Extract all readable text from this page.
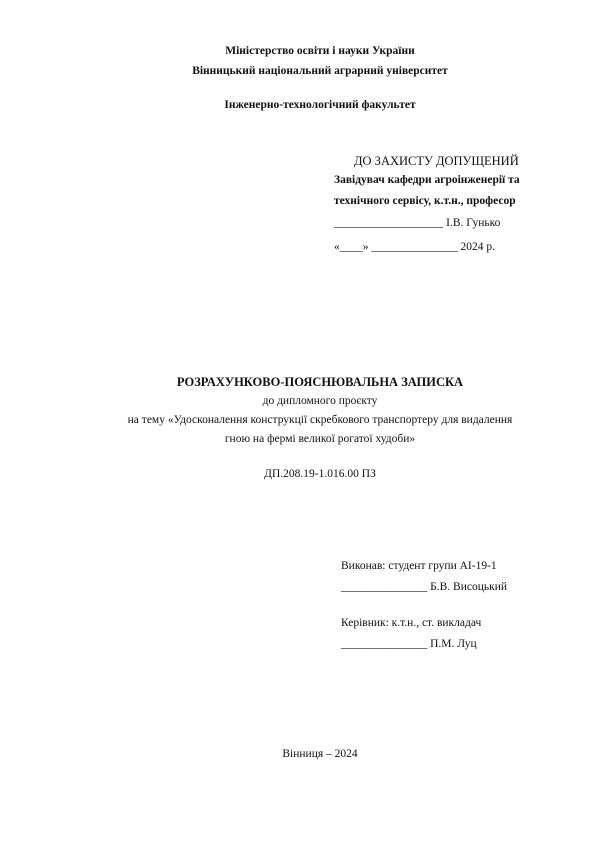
Міністерство освіти і науки України
Вінницький національний аграрний університет
Інженерно-технологічний факультет
ДО ЗАХИСТУ ДОПУЩЕНИЙ
Завідувач кафедри агроінженерії та
технічного сервісу, к.т.н., професор
___________________ І.В. Гунько
«____» _______________ 2024 р.
РОЗРАХУНКОВО-ПОЯСНЮВАЛЬНА ЗАПИСКА
до дипломного проєкту
на тему «Удосконалення конструкції скребкового транспортеру для видалення
гною на фермі великої рогатої худоби»
ДП.208.19-1.016.00 ПЗ
Виконав: студент групи АІ-19-1
_______________ Б.В. Висоцький
Керівник: к.т.н., ст. викладач
_______________ П.М. Луц
Вінниця – 2024
